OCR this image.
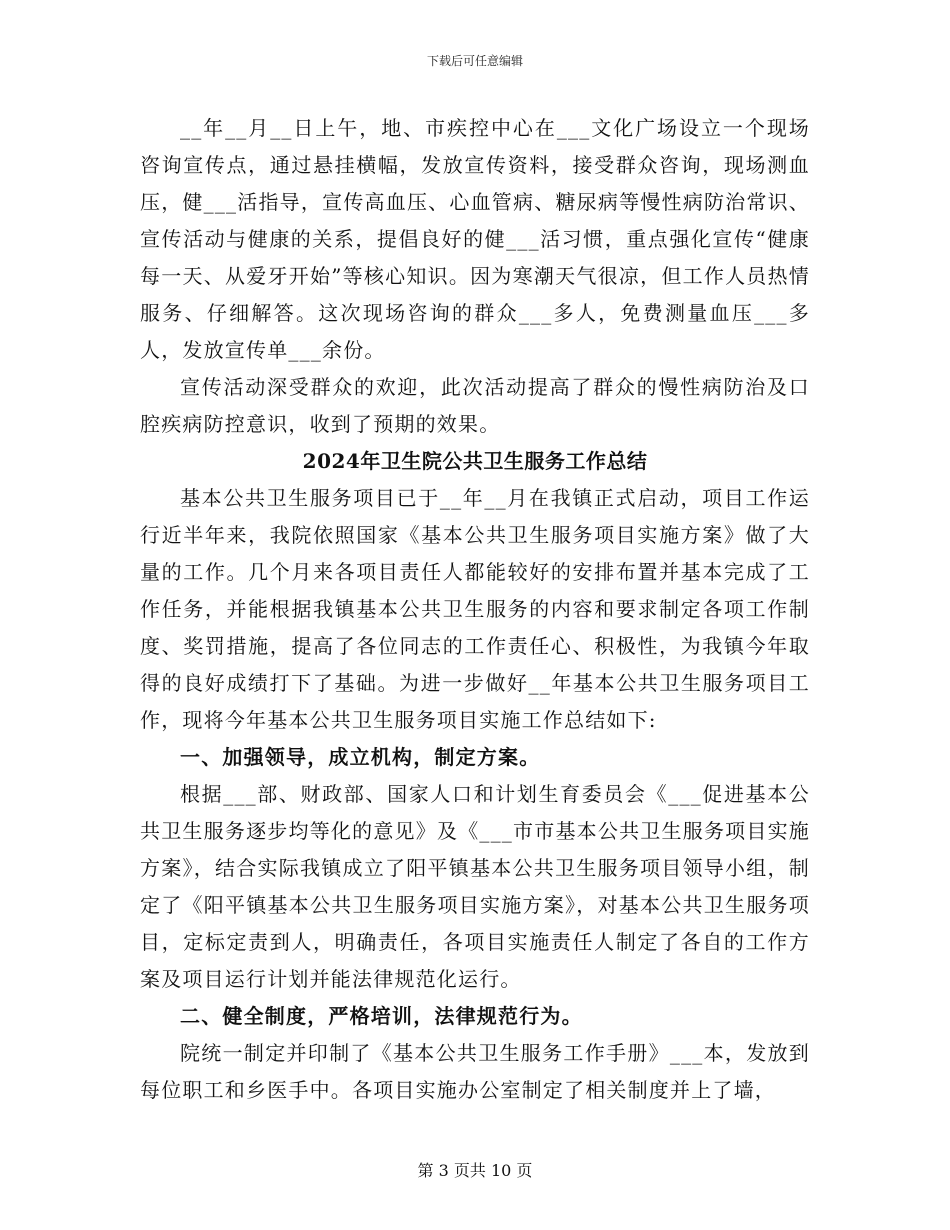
下载后可任意编辑

__年__月__日上午，地、市疾控中心在___文化广场设立一个现场咨询宣传点，通过悬挂横幅，发放宣传资料，接受群众咨询，现场测血压，健___活指导，宣传高血压、心血管病、糖尿病等慢性病防治常识、宣传活动与健康的关系，提倡良好的健___活习惯，重点强化宣传“健康每一天、从爱牙开始”等核心知识。因为寒潮天气很凉，但工作人员热情服务、仔细解答。这次现场咨询的群众___多人，免费测量血压___多人，发放宣传单___余份。

宣传活动深受群众的欢迎，此次活动提高了群众的慢性病防治及口腔疾病防控意识，收到了预期的效果。

2024年卫生院公共卫生服务工作总结

基本公共卫生服务项目已于__年__月在我镇正式启动，项目工作运行近半年来，我院依照国家《基本公共卫生服务项目实施方案》做了大量的工作。几个月来各项目责任人都能较好的安排布置并基本完成了工作任务，并能根据我镇基本公共卫生服务的内容和要求制定各项工作制度、奖罚措施，提高了各位同志的工作责任心、积极性，为我镇今年取得的良好成绩打下了基础。为进一步做好__年基本公共卫生服务项目工作，现将今年基本公共卫生服务项目实施工作总结如下:

一、加强领导，成立机构，制定方案。

根据___部、财政部、国家人口和计划生育委员会《___促进基本公共卫生服务逐步均等化的意见》及《___市市基本公共卫生服务项目实施方案》，结合实际我镇成立了阳平镇基本公共卫生服务项目领导小组，制定了《阳平镇基本公共卫生服务项目实施方案》，对基本公共卫生服务项目，定标定责到人，明确责任，各项目实施责任人制定了各自的工作方案及项目运行计划并能法律规范化运行。

二、健全制度，严格培训，法律规范行为。

院统一制定并印制了《基本公共卫生服务工作手册》___本，发放到每位职工和乡医手中。各项目实施办公室制定了相关制度并上了墙，

第 3 页共 10 页
